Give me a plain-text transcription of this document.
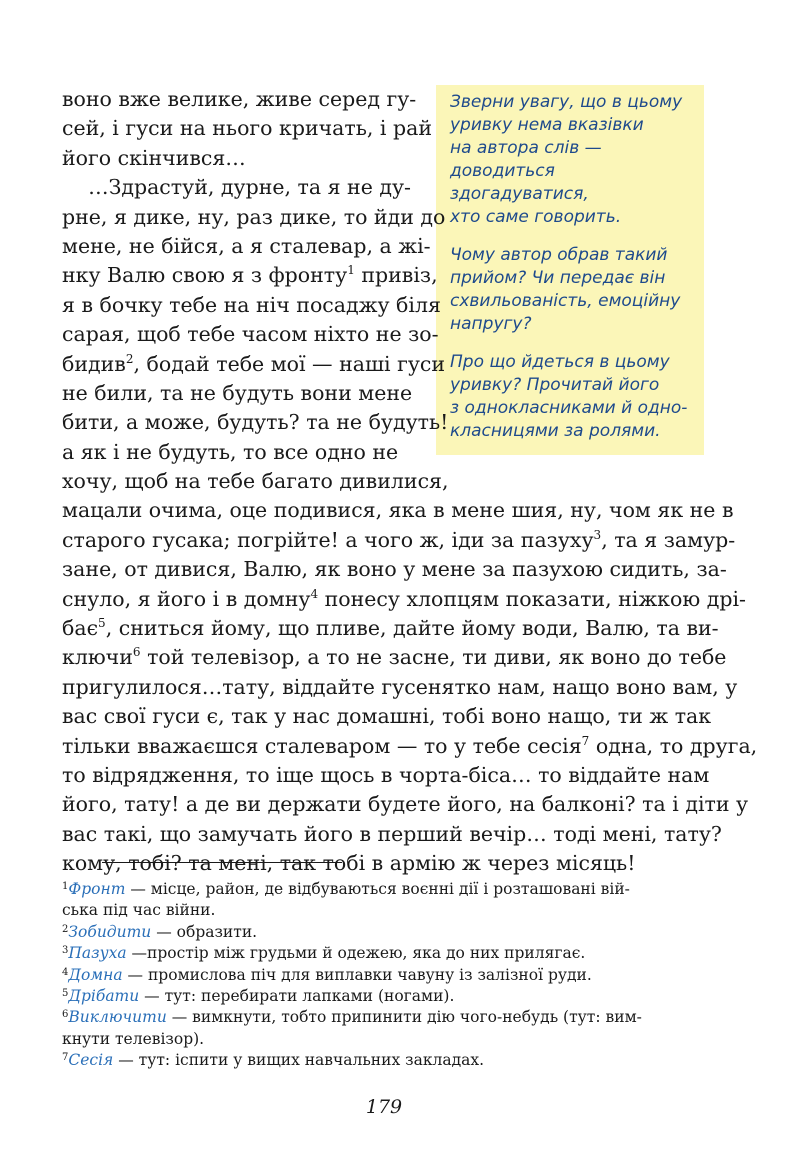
Зверни увагу, що в цьому
уривку нема вказівки
на автора слів —
доводиться
здогадуватися,
хто саме говорить.

Чому автор обрав такий
прийом? Чи передає він
схвильованість, емоційну
напругу?

Про що йдеться в цьому
уривку? Прочитай його
з однокласниками й одно-
класницями за ролями.

воно вже велике, живе серед гу-
сей, і гуси на нього кричать, і рай
його скінчився…
…Здрастуй, дурне, та я не ду-
рне, я дике, ну, раз дике, то йди до
мене, не бійся, а я сталевар, а жі-
нку Валю свою я з фронту$^1$ привіз,
я в бочку тебе на ніч посаджу біля
сарая, щоб тебе часом ніхто не зо-
бидив$^2$, бодай тебе мої — наші гуси
не били, та не будуть вони мене
бити, а може, будуть? та не будуть!
а як і не будуть, то все одно не
хочу, щоб на тебе багато дивилися,
мацали очима, оце подивися, яка в мене шия, ну, чом як не в
старого гусака; погрійте! а чого ж, іди за пазуху$^3$, та я замур-
зане, от дивися, Валю, як воно у мене за пазухою сидить, за-
снуло, я його і в домну$^4$ понесу хлопцям показати, ніжкою дрі-
бає$^5$, сниться йому, що пливе, дайте йому води, Валю, та ви-
ключи$^6$ той телевізор, а то не засне, ти диви, як воно до тебе
пригулилося…тату, віддайте гусенятко нам, нащо воно вам, у
вас свої гуси є, так у нас домашні, тобі воно нащо, ти ж так
тільки вважаєшся сталеваром — то у тебе сесія$^7$ одна, то друга,
то відрядження, то іще щось в чорта-біса… то віддайте нам
його, тату! а де ви держати будете його, на балконі? та і діти у
вас такі, що замучать його в перший вечір… тоді мені, тату?
кому, тобі? та мені, так тобі в армію ж через місяць!
$^1$Фронт — місце, район, де відбуваються воєнні дії і розташовані вій-
ська під час війни.
$^2$Зобидити — образити.
$^3$Пазуха —простір між грудьми й одежею, яка до них прилягає.
$^4$Домна — промислова піч для виплавки чавуну із залізної руди.
$^5$Дрібати — тут: перебирати лапками (ногами).
$^6$Виключити — вимкнути, тобто припинити дію чого-небудь (тут: вим-
кнути телевізор).
$^7$Сесія — тут: іспити у вищих навчальних закладах.
179
